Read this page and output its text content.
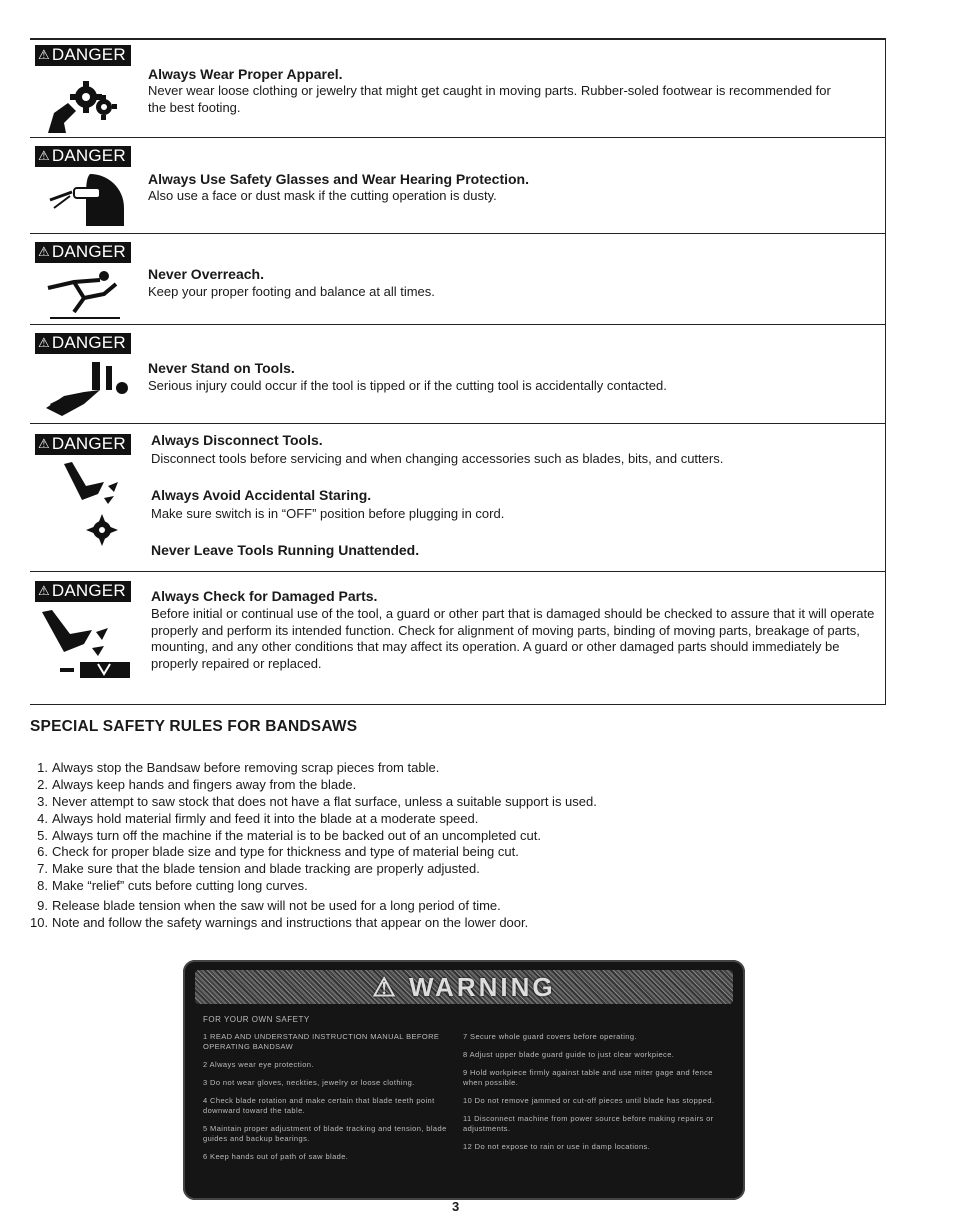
⚠ DANGER
Always Wear Proper Apparel.
Never wear loose clothing or jewelry that might get caught in moving parts. Rubber-soled footwear is recommended for the best footing.
⚠ DANGER
Always Use Safety Glasses and Wear Hearing Protection.
Also use a face or dust mask if the cutting operation is dusty.
⚠ DANGER
Never Overreach.
Keep your proper footing and balance at all times.
⚠ DANGER
Never Stand on Tools.
Serious injury could occur if the tool is tipped or if the cutting tool is accidentally contacted.
⚠ DANGER	Always Disconnect Tools.
Disconnect tools before servicing and when changing accessories such as blades, bits, and cutters.
Always Avoid Accidental Staring.
Make sure switch is in “OFF” position before plugging in cord.
Never Leave Tools Running Unattended.
⚠ DANGER	Always Check for Damaged Parts.
Before initial or continual use of the tool, a guard or other part that is damaged should be checked to assure that it will operate properly and perform its intended function. Check for alignment of moving parts, binding of moving parts, breakage of parts, mounting, and any other conditions that may affect its operation. A guard or other damaged parts should immediately be properly repaired or replaced.
SPECIAL SAFETY RULES FOR BANDSAWS
1. Always stop the Bandsaw before removing scrap pieces from table.
2. Always keep hands and fingers away from the blade.
3. Never attempt to saw stock that does not have a flat surface, unless a suitable support is used.
4. Always hold material firmly and feed it into the blade at a moderate speed.
5. Always turn off the machine if the material is to be backed out of an uncompleted cut.
6. Check for proper blade size and type for thickness and type of material being cut.
7. Make sure that the blade tension and blade tracking are properly adjusted.
8. Make “relief” cuts before cutting long curves.
9. Release blade tension when the saw will not be used for a long period of time.
10. Note and follow the safety warnings and instructions that appear on the lower door.
⚠ WARNING
FOR YOUR OWN SAFETY
1 READ AND UNDERSTAND INSTRUCTION MANUAL BEFORE OPERATING BANDSAW
2 Always wear eye protection.
3 Do not wear gloves, neckties, jewelry or loose clothing.
4 Check blade rotation and make certain that blade teeth point downward toward the table.
5 Maintain proper adjustment of blade tracking and tension, blade guides and backup bearings.
6 Keep hands out of path of saw blade.
7 Secure whole guard covers before operating.
8 Adjust upper blade guard guide to just clear workpiece.
9 Hold workpiece firmly against table and use miter gage and fence when possible.
10 Do not remove jammed or cut-off pieces until blade has stopped.
11 Disconnect machine from power source before making repairs or adjustments.
12 Do not expose to rain or use in damp locations.
3
